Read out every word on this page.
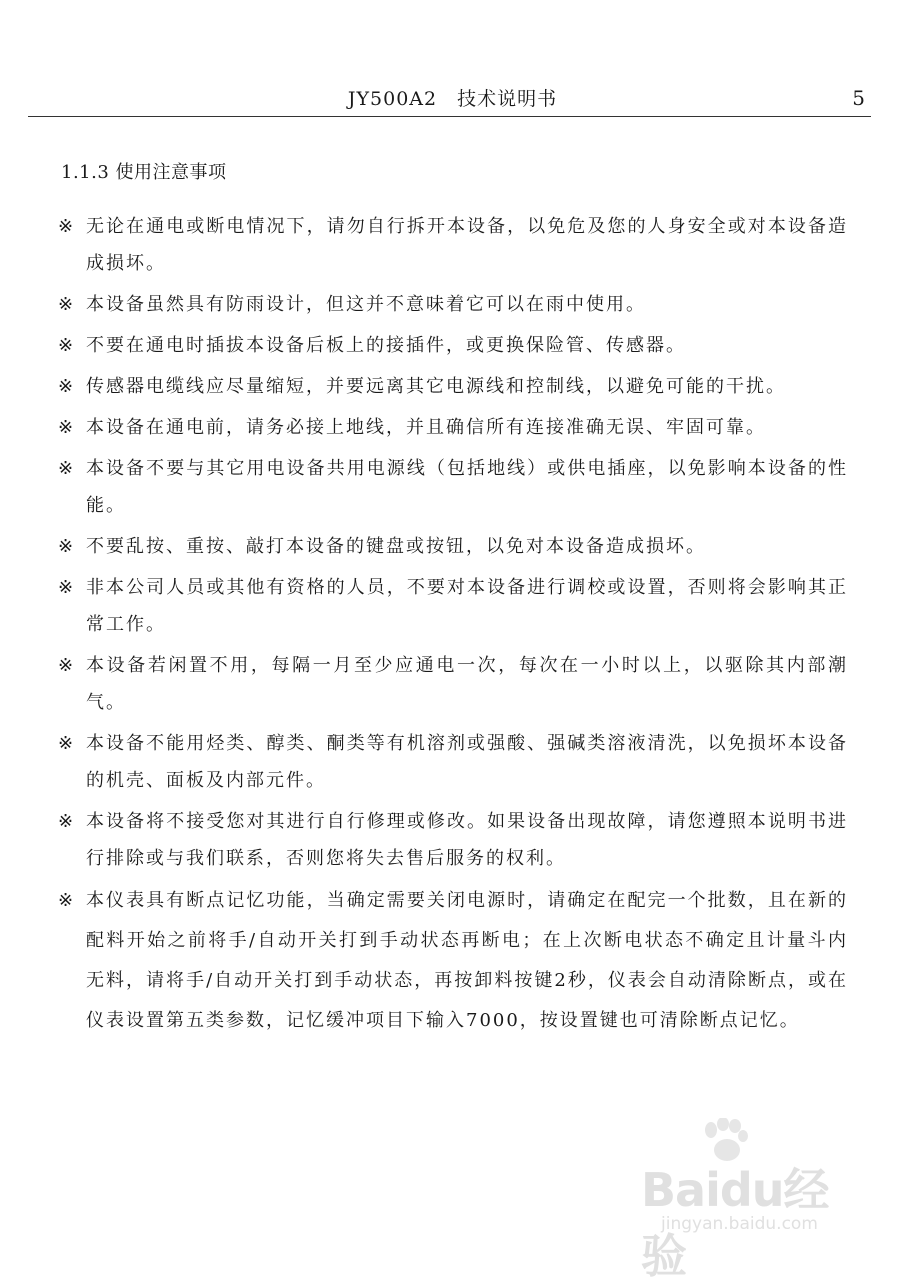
JY500A2　技术说明书	5
1.1.3 使用注意事项
※ 无论在通电或断电情况下，请勿自行拆开本设备，以免危及您的人身安全或对本设备造成损坏。
※ 本设备虽然具有防雨设计，但这并不意味着它可以在雨中使用。
※ 不要在通电时插拔本设备后板上的接插件，或更换保险管、传感器。
※ 传感器电缆线应尽量缩短，并要远离其它电源线和控制线，以避免可能的干扰。
※ 本设备在通电前，请务必接上地线，并且确信所有连接准确无误、牢固可靠。
※ 本设备不要与其它用电设备共用电源线（包括地线）或供电插座，以免影响本设备的性能。
※ 不要乱按、重按、敲打本设备的键盘或按钮，以免对本设备造成损坏。
※ 非本公司人员或其他有资格的人员，不要对本设备进行调校或设置，否则将会影响其正常工作。
※ 本设备若闲置不用，每隔一月至少应通电一次，每次在一小时以上，以驱除其内部潮气。
※ 本设备不能用烃类、醇类、酮类等有机溶剂或强酸、强碱类溶液清洗，以免损坏本设备的机壳、面板及内部元件。
※ 本设备将不接受您对其进行自行修理或修改。如果设备出现故障，请您遵照本说明书进行排除或与我们联系，否则您将失去售后服务的权利。
※ 本仪表具有断点记忆功能，当确定需要关闭电源时，请确定在配完一个批数，且在新的配料开始之前将手/自动开关打到手动状态再断电；在上次断电状态不确定且计量斗内无料，请将手/自动开关打到手动状态，再按卸料按键2秒，仪表会自动清除断点，或在仪表设置第五类参数，记忆缓冲项目下输入7000，按设置键也可清除断点记忆。
Baidu经验
jingyan.baidu.com
